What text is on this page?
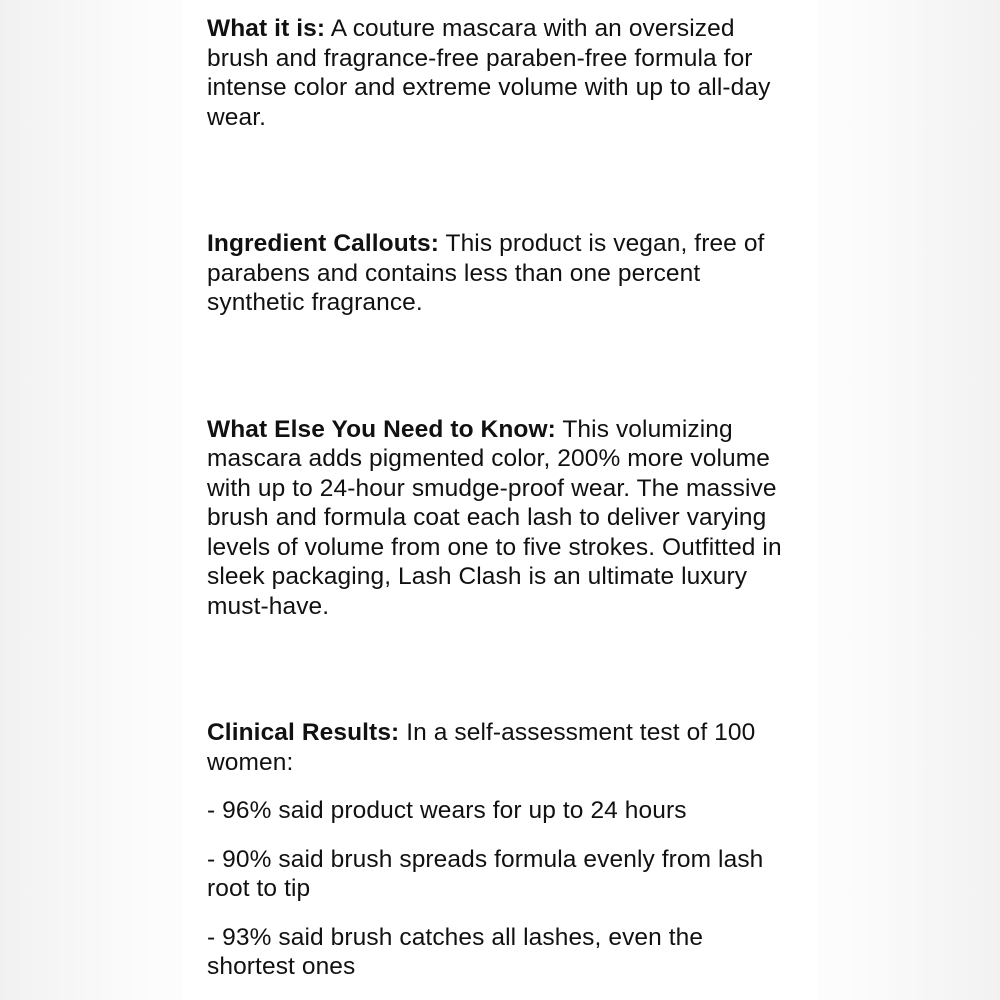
What it is: A couture mascara with an oversized brush and fragrance-free paraben-free formula for intense color and extreme volume with up to all-day wear.

Ingredient Callouts: This product is vegan, free of parabens and contains less than one percent synthetic fragrance.

What Else You Need to Know: This volumizing mascara adds pigmented color, 200% more volume with up to 24-hour smudge-proof wear. The massive brush and formula coat each lash to deliver varying levels of volume from one to five strokes. Outfitted in sleek packaging, Lash Clash is an ultimate luxury must-have.

Clinical Results: In a self-assessment test of 100 women:

- 96% said product wears for up to 24 hours

- 90% said brush spreads formula evenly from lash root to tip

- 93% said brush catches all lashes, even the shortest ones
